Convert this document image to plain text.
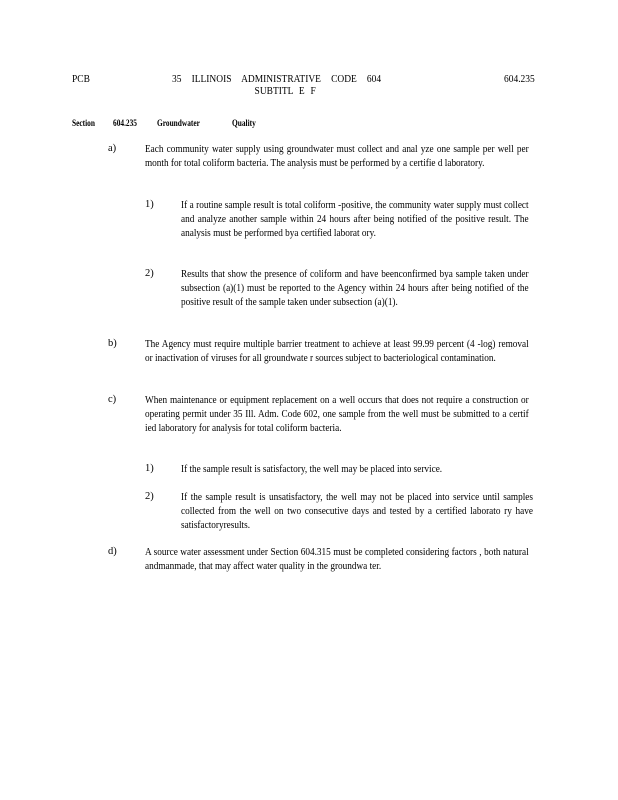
PCB	35 ILLINOIS ADMINISTRATIVE CODE 604
SUBTITL E F
604.235
Section 604.235 Groundwater	Quality
a)	Each community water supply using groundwater must collect and anal yze one sample per well per month for total coliform bacteria. The analysis must be performed by a certifie d laboratory.
1)	If a routine sample result is total coliform -positive, the community water supply must collect and analyze another sample within 24 hours after being notified of the positive result. The analysis must be performed bya certified laborat ory.
2)	Results that show the presence of coliform and have beenconfirmed bya sample taken under subsection (a)(1) must be reported to the Agency within 24 hours after being notified of the positive result of the sample taken under subsection (a)(1).
b)	The Agency must require multiple barrier treatment to achieve at least 99.99 percent (4 -log) removal or inactivation of viruses for all groundwate r sources subject to bacteriological contamination.
c)	When maintenance or equipment replacement on a well occurs that does not require a construction or operating permit under 35 Ill. Adm. Code 602, one sample from the well must be submitted to a certif ied laboratory for analysis for total coliform bacteria.
1)	If the sample result is satisfactory, the well may be placed into service.
2)	If the sample result is unsatisfactory, the well may not be placed into service until samples collected from the well on two consecutive days and tested by a certified laborato ry have satisfactoryresults.
d)	A source water assessment under Section 604.315 must be completed considering factors , both natural andmanmade, that may affect water quality in the groundwa ter.
